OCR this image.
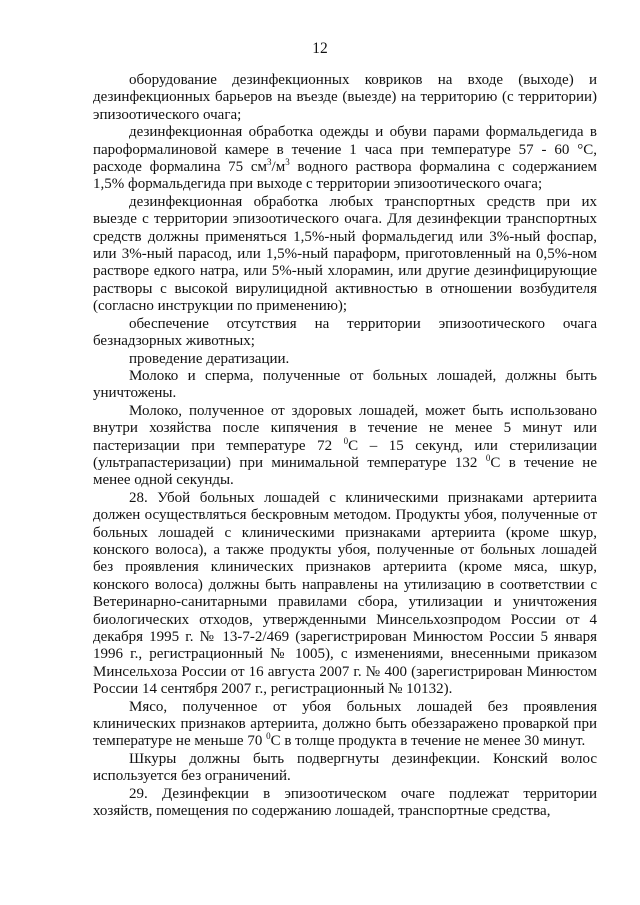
12

оборудование дезинфекционных ковриков на входе (выходе) и дезинфекционных барьеров на въезде (выезде) на территорию (с территории) эпизоотического очага;

дезинфекционная обработка одежды и обуви парами формальдегида в пароформалиновой камере в течение 1 часа при температуре 57 - 60 °С, расходе формалина 75 $см^3/м^3$ водного раствора формалина с содержанием 1,5% формальдегида при выходе с территории эпизоотического очага;

дезинфекционная обработка любых транспортных средств при их выезде с территории эпизоотического очага. Для дезинфекции транспортных средств должны применяться 1,5%-ный формальдегид или 3%-ный фоспар, или 3%-ный парасод, или 1,5%-ный параформ, приготовленный на 0,5%-ном растворе едкого натра, или 5%-ный хлорамин, или другие дезинфицирующие растворы с высокой вирулицидной активностью в отношении возбудителя (согласно инструкции по применению);

обеспечение отсутствия на территории эпизоотического очага безнадзорных животных;

проведение дератизации.

Молоко и сперма, полученные от больных лошадей, должны быть уничтожены.

Молоко, полученное от здоровых лошадей, может быть использовано внутри хозяйства после кипячения в течение не менее 5 минут или пастеризации при температуре 72 $^0$С – 15 секунд, или стерилизации (ультрапастеризации) при минимальной температуре 132 $^0$С в течение не менее одной секунды.

28. Убой больных лошадей с клиническими признаками артериита должен осуществляться бескровным методом. Продукты убоя, полученные от больных лошадей с клиническими признаками артериита (кроме шкур, конского волоса), а также продукты убоя, полученные от больных лошадей без проявления клинических признаков артериита (кроме мяса, шкур, конского волоса) должны быть направлены на утилизацию в соответствии с Ветеринарно-санитарными правилами сбора, утилизации и уничтожения биологических отходов, утвержденными Минсельхозпродом России от 4 декабря 1995 г. № 13-7-2/469 (зарегистрирован Минюстом России 5 января 1996 г., регистрационный № 1005), с изменениями, внесенными приказом Минсельхоза России от 16 августа 2007 г. № 400 (зарегистрирован Минюстом России 14 сентября 2007 г., регистрационный № 10132).

Мясо, полученное от убоя больных лошадей без проявления клинических признаков артериита, должно быть обеззаражено проваркой при температуре не меньше 70 $^0$С в толще продукта в течение не менее 30 минут.

Шкуры должны быть подвергнуты дезинфекции. Конский волос используется без ограничений.

29. Дезинфекции в эпизоотическом очаге подлежат территории хозяйств, помещения по содержанию лошадей, транспортные средства,
